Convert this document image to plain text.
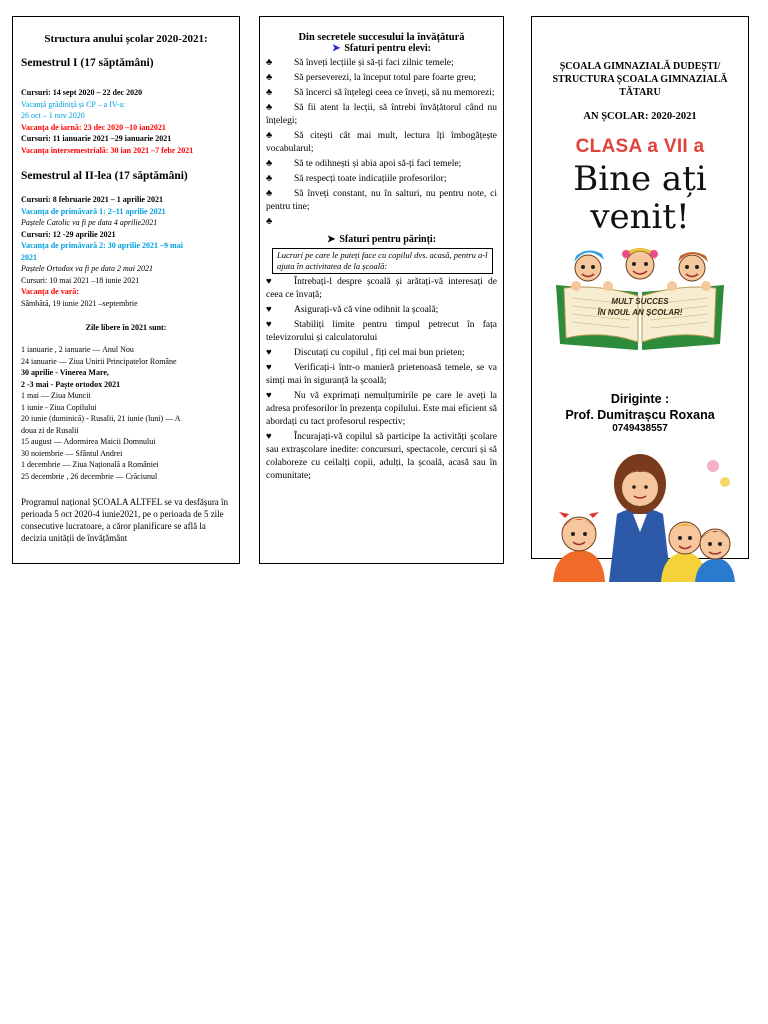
Structura anului școlar 2020-2021:
Semestrul I (17 săptămâni)
Cursuri: 14 sept 2020 – 22 dec 2020
Vacanță grădiniță și CP – a IV-a:
26 oct – 1 nov 2020
Vacanța de iarnă: 23 dec 2020 –10 ian2021
Cursuri: 11 ianuarie 2021 –29 ianuarie 2021
Vacanța intersemestrială: 30 ian 2021 –7 febr 2021
Semestrul al II-lea (17 săptămâni)
Cursuri: 8 februarie 2021 – 1 aprilie 2021
Vacanța de primăvară 1: 2–11 aprilie 2021
Paștele Catolic va fi pe data 4 aprilie2021
Cursuri: 12 -29 aprilie 2021
Vacanța de primăvară 2: 30 aprilie 2021 –9 mai
2021
Paștele Ortodox va fi pe data 2 mai 2021
Cursuri: 10 mai 2021 –18 iunie 2021
Vacanța de vară:
Sâmbătă, 19 iunie 2021 –septembrie
Zile libere în 2021 sunt:
1 ianuarie , 2 ianuarie — Anul Nou
24 ianuarie — Ziua Unirii Principatelor Române
30 aprilie - Vinerea Mare,
2 -3 mai - Paște ortodox 2021
1 mai — Ziua Muncii
1 iunie - Ziua Copilului
20 iunie (duminică) - Rusalii, 21 iunie (luni) — A
doua zi de Rusalii
15 august — Adormirea Maicii Domnului
30 noiembrie — Sfântul Andrei
1 decembrie — Ziua Națională a României
25 decembrie , 26 decembrie — Crăciunul
Programul național ȘCOALA ALTFEL se va desfășura în perioada 5 oct 2020-4 iunie2021, pe o perioada de 5 zile consecutive lucratoare, a căror planificare se află la decizia unității de învățământ
Din secretele succesului la învățătură
➤ Sfaturi pentru elevi:
♣ Să înveți lecțiile și să-ți faci zilnic temele;
♣ Să perseverezi, la început totul pare foarte greu;
♣ Să încerci să înțelegi ceea ce înveți, să nu memorezi;
♣ Să fii atent la lecții, să întrebi învățătorul când nu înțelegi;
♣ Să citești cât mai mult, lectura îți îmbogățește vocabularul;
♣ Să te odihnești și abia apoi să-ți faci temele;
♣ Să respecți toate indicațiile profesorilor;
♣ Să înveți constant, nu în salturi, nu pentru note, ci pentru tine;
♣
➤ Sfaturi pentru părinți:
Lucruri pe care le puteți face cu copilul dvs. acasă, pentru a-l ajuta în activitatea de la școală:
♥ Întrebați-l despre școală și arătați-vă interesați de ceea ce învață;
♥ Asigurați-vă că vine odihnit la școală;
♥ Stabiliți limite pentru timpul petrecut în fața televizorului și calculatorului
♥ Discutați cu copilul , fiți cel mai bun prieten;
♥ Verificați-i într-o manieră prietenoasă temele, se va simți mai în siguranță la școală;
♥ Nu vă exprimați nemulțumirile pe care le aveți la adresa profesorilor în prezența copilului. Este mai eficient să abordați cu tact profesorul respectiv;
♥ Încurajați-vă copilul să participe la activități școlare sau extrașcolare inedite: concursuri, spectacole, cercuri și să colaboreze cu ceilalți copii, adulți, la școală, acasă sau în comunitate;
ȘCOALA GIMNAZIALĂ DUDEȘTI/ STRUCTURA ȘCOALA GIMNAZIALĂ TĂTARU
AN ȘCOLAR: 2020-2021
CLASA a VII a
Bine ați venit!
MULT SUCCES
ÎN NOUL AN ȘCOLAR!
Diriginte :
Prof. Dumitrașcu Roxana
0749438557
